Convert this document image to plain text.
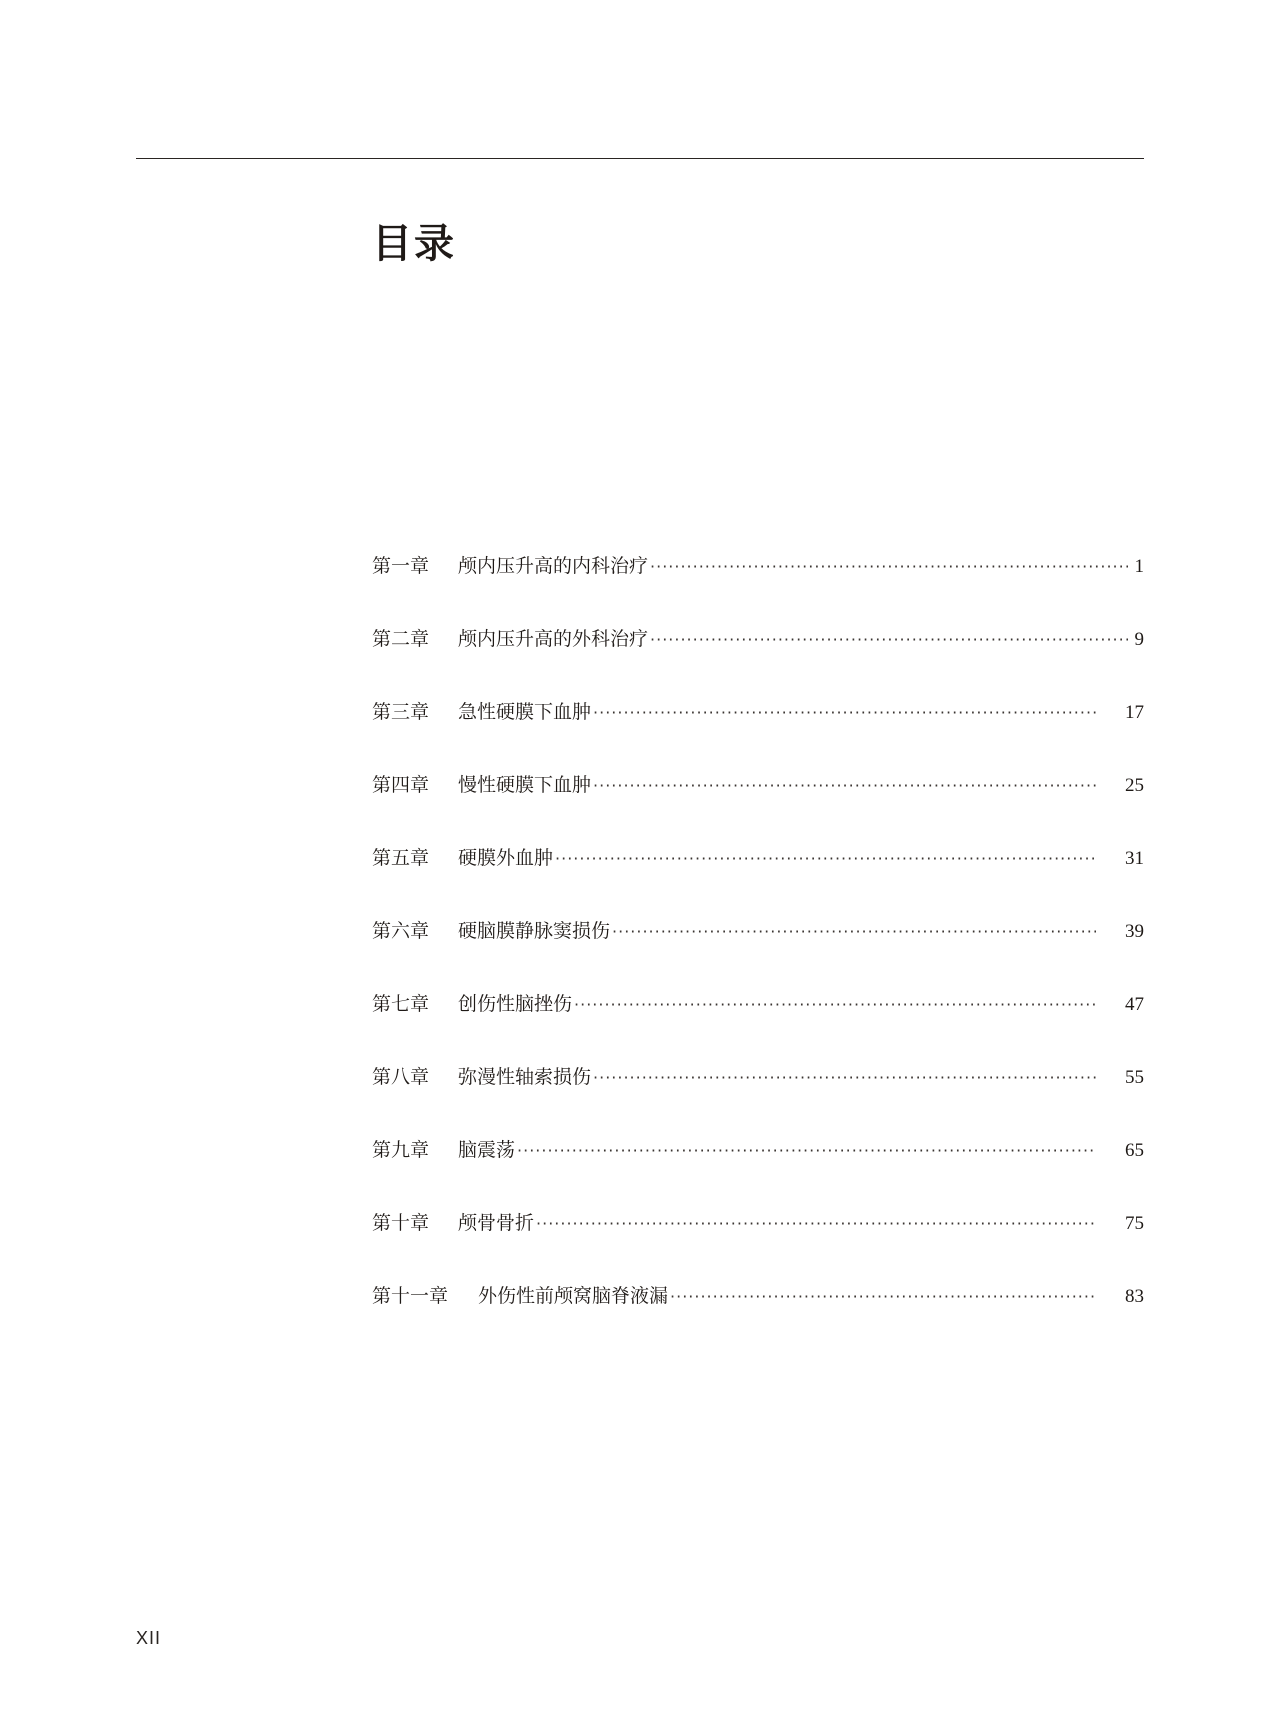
目录
第一章	颅内压升高的内科治疗 ·····	1
第二章	颅内压升高的外科治疗 ·····	9
第三章	急性硬膜下血肿 ·····	17
第四章	慢性硬膜下血肿 ·····	25
第五章	硬膜外血肿 ·····	31
第六章	硬脑膜静脉窦损伤 ·····	39
第七章	创伤性脑挫伤 ·····	47
第八章	弥漫性轴索损伤 ·····	55
第九章	脑震荡 ·····	65
第十章	颅骨骨折 ·····	75
第十一章	外伤性前颅窝脑脊液漏 ·····	83
XII
